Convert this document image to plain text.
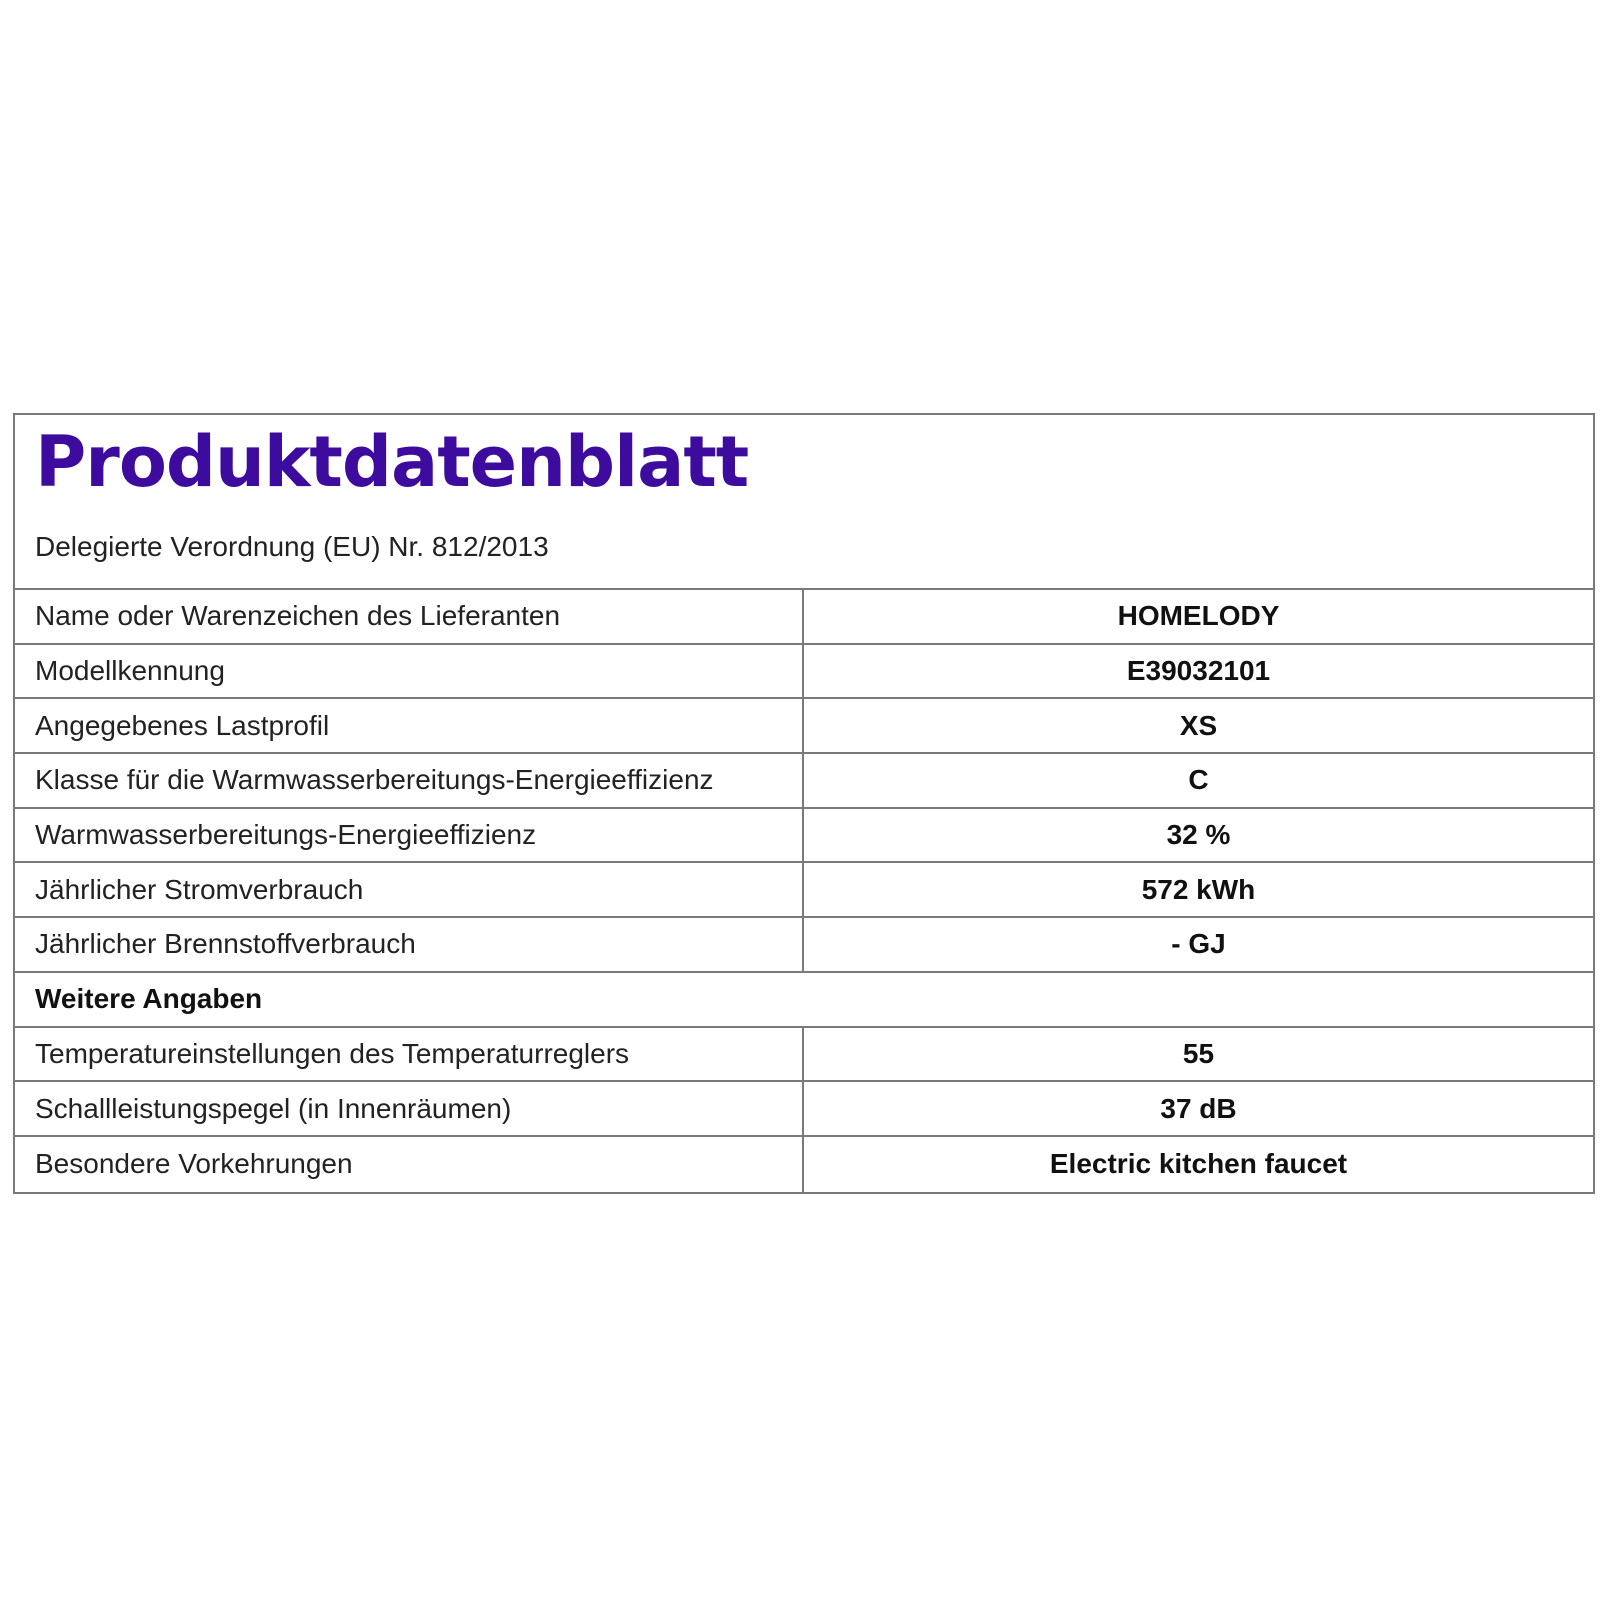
Produktdatenblatt
Delegierte Verordnung (EU) Nr. 812/2013
Name oder Warenzeichen des Lieferanten	HOMELODY
Modellkennung	E39032101
Angegebenes Lastprofil	XS
Klasse für die Warmwasserbereitungs-Energieeffizienz	C
Warmwasserbereitungs-Energieeffizienz	32 %
Jährlicher Stromverbrauch	572 kWh
Jährlicher Brennstoffverbrauch	- GJ
Weitere Angaben
Temperatureinstellungen des Temperaturreglers	55
Schallleistungspegel (in Innenräumen)	37 dB
Besondere Vorkehrungen	Electric kitchen faucet
